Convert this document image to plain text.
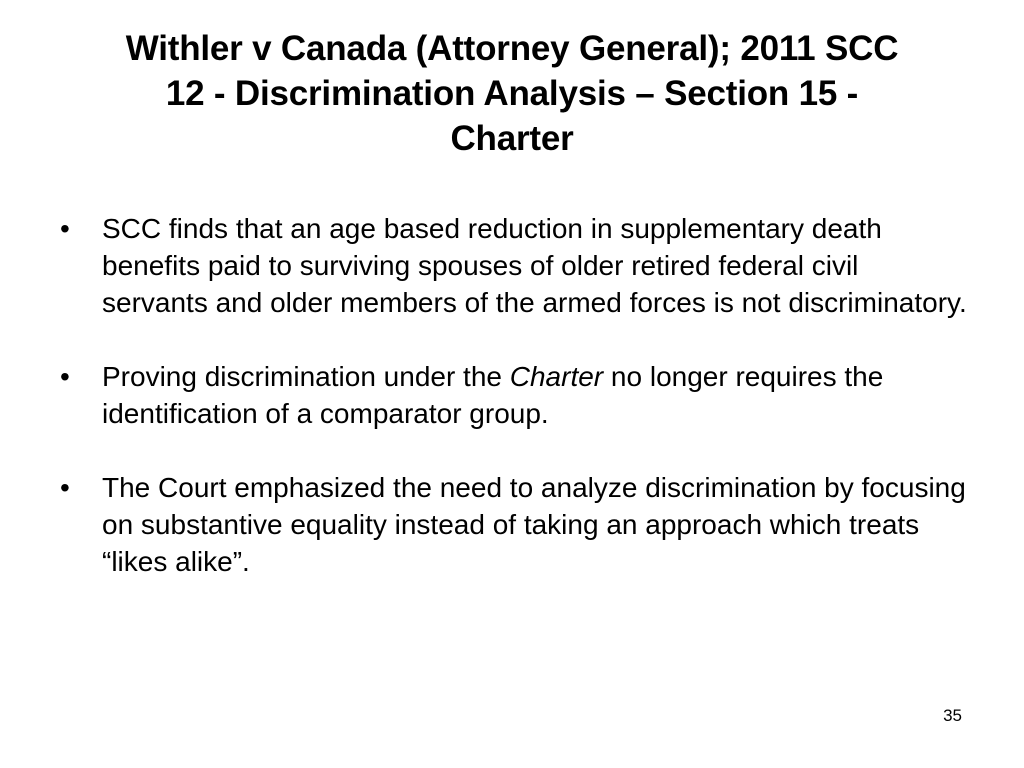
Withler v Canada (Attorney General); 2011 SCC
12 - Discrimination Analysis – Section 15 -
Charter
•
SCC finds that an age based reduction in supplementary death benefits paid to surviving spouses of older retired federal civil servants and older members of the armed forces is not discriminatory.
•
Proving discrimination under the Charter no longer requires the identification of a comparator group.
•
The Court emphasized the need to analyze discrimination by focusing on substantive equality instead of taking an approach which treats “likes alike”.
35
